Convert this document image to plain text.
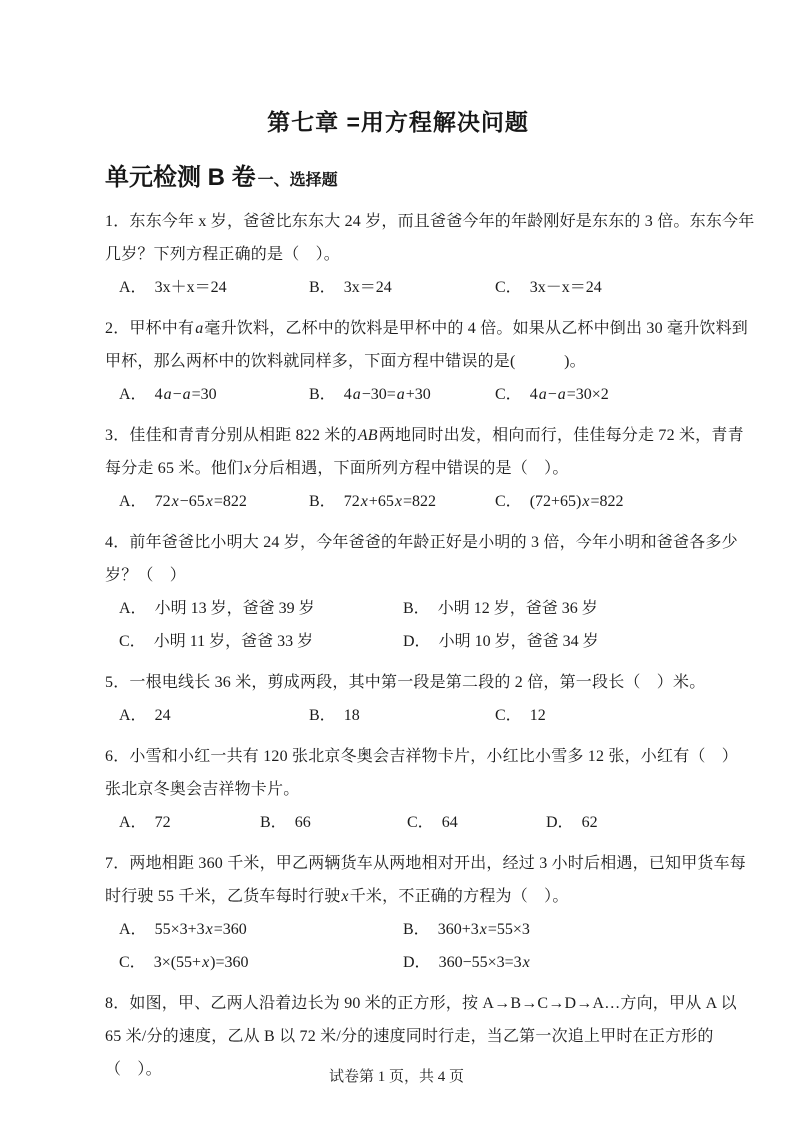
第七章 =用方程解决问题
单元检测 B 卷 一、选择题

1．东东今年 x 岁，爸爸比东东大 24 岁，而且爸爸今年的年龄刚好是东东的 3 倍。东东今年

几岁？下列方程正确的是（　）。

A． 3x＋x＝24	B． 3x＝24	C． 3x－x＝24

2．甲杯中有a毫升饮料，乙杯中的饮料是甲杯中的 4 倍。如果从乙杯中倒出 30 毫升饮料到

甲杯，那么两杯中的饮料就同样多，下面方程中错误的是(　　　)。

A． 4a−a=30	B． 4a−30=a+30	C． 4a−a=30×2

3．佳佳和青青分别从相距 822 米的AB两地同时出发，相向而行，佳佳每分走 72 米，青青

每分走 65 米。他们x分后相遇，下面所列方程中错误的是（　）。

A． 72x−65x=822	B． 72x+65x=822	C． (72+65)x=822

4．前年爸爸比小明大 24 岁，今年爸爸的年龄正好是小明的 3 倍，今年小明和爸爸各多少

岁？（　）

A． 小明 13 岁，爸爸 39 岁	B． 小明 12 岁，爸爸 36 岁
C． 小明 11 岁，爸爸 33 岁	D． 小明 10 岁，爸爸 34 岁

5．一根电线长 36 米，剪成两段，其中第一段是第二段的 2 倍，第一段长（　）米。

A． 24	B． 18	C． 12

6．小雪和小红一共有 120 张北京冬奥会吉祥物卡片，小红比小雪多 12 张，小红有（　）

张北京冬奥会吉祥物卡片。

A． 72	B． 66	C． 64	D． 62

7．两地相距 360 千米，甲乙两辆货车从两地相对开出，经过 3 小时后相遇，已知甲货车每

时行驶 55 千米，乙货车每时行驶x千米，不正确的方程为（　）。

A． 55×3+3x=360	B． 360+3x=55×3
C． 3×(55+x)=360	D． 360−55×3=3x

8．如图，甲、乙两人沿着边长为 90 米的正方形，按 A→B→C→D→A…方向，甲从 A 以

65 米/分的速度，乙从 B 以 72 米/分的速度同时行走，当乙第一次追上甲时在正方形的

（　）。	试卷第 1 页，共 4 页
